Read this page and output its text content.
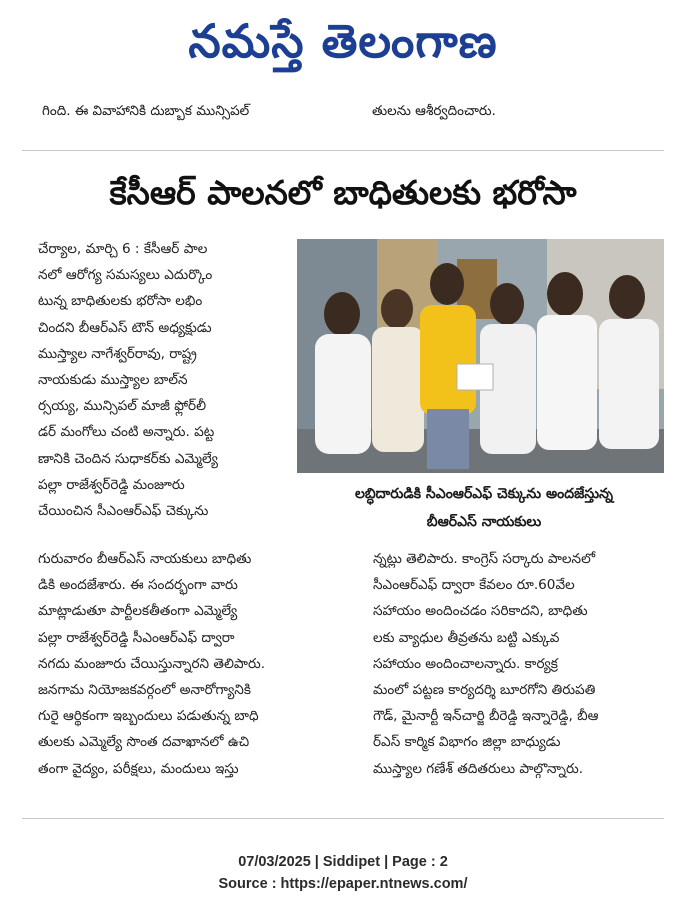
నమస్తే తెలంగాణ
గింది. ఈ వివాహానికి దుబ్బాక మున్సిపల్	తులను ఆశీర్వదించారు.
కేసీఆర్ పాలనలో బాధితులకు భరోసా
చేర్యాల, మార్చి 6 : కేసీఆర్ పాల
నలో ఆరోగ్య సమస్యలు ఎదుర్కొం
టున్న బాధితులకు భరోసా లభిం
చిందని బీఆర్ఎస్ టౌన్ అధ్యక్షుడు
ముస్త్యాల నాగేశ్వర్‌రావు, రాష్ట్ర
నాయకుడు ముస్త్యాల బాల్‌న
ర్సయ్య, మున్సిపల్ మాజీ ఫ్లోర్‌లీ
డర్ మంగోలు చంటి అన్నారు. పట్ట
ణానికి చెందిన సుధాకర్‌కు ఎమ్మెల్యే
పల్లా రాజేశ్వర్‌రెడ్డి మంజూరు
చేయించిన సీఎంఆర్‌ఎఫ్ చెక్కును
లబ్ధిదారుడికి సీఎంఆర్‌ఎఫ్ చెక్కును అందజేస్తున్న
బీఆర్ఎస్ నాయకులు
గురువారం బీఆర్ఎస్ నాయకులు బాధితు
డికి అందజేశారు. ఈ సందర్భంగా వారు
మాట్లాడుతూ పార్టీలకతీతంగా ఎమ్మెల్యే
పల్లా రాజేశ్వర్‌రెడ్డి సీఎంఆర్‌ఎఫ్ ద్వారా
నగదు మంజూరు చేయిస్తున్నారని తెలిపారు.
జనగామ నియోజకవర్గంలో అనారోగ్యానికి
గురై ఆర్థికంగా ఇబ్బందులు పడుతున్న బాధి
తులకు ఎమ్మెల్యే సొంత దవాఖానలో ఉచి
తంగా వైద్యం, పరీక్షలు, మందులు ఇస్తు
న్నట్లు తెలిపారు. కాంగ్రెస్ సర్కారు పాలనలో
సీఎంఆర్‌ఎఫ్ ద్వారా కేవలం రూ.60వేల
సహాయం అందించడం సరికాదని, బాధితు
లకు వ్యాధుల తీవ్రతను బట్టి ఎక్కువ
సహాయం అందించాలన్నారు. కార్యక్ర
మంలో పట్టణ కార్యదర్శి బూరగోని తిరుపతి
గౌడ్, మైనార్టీ ఇన్‌చార్జి బీరెడ్డి ఇన్నారెడ్డి, బీఆ
ర్‌ఎస్ కార్మిక విభాగం జిల్లా బాధ్యుడు
ముస్త్యాల గణేశ్ తదితరులు పాల్గొన్నారు.
07/03/2025 | Siddipet | Page : 2
Source : https://epaper.ntnews.com/
